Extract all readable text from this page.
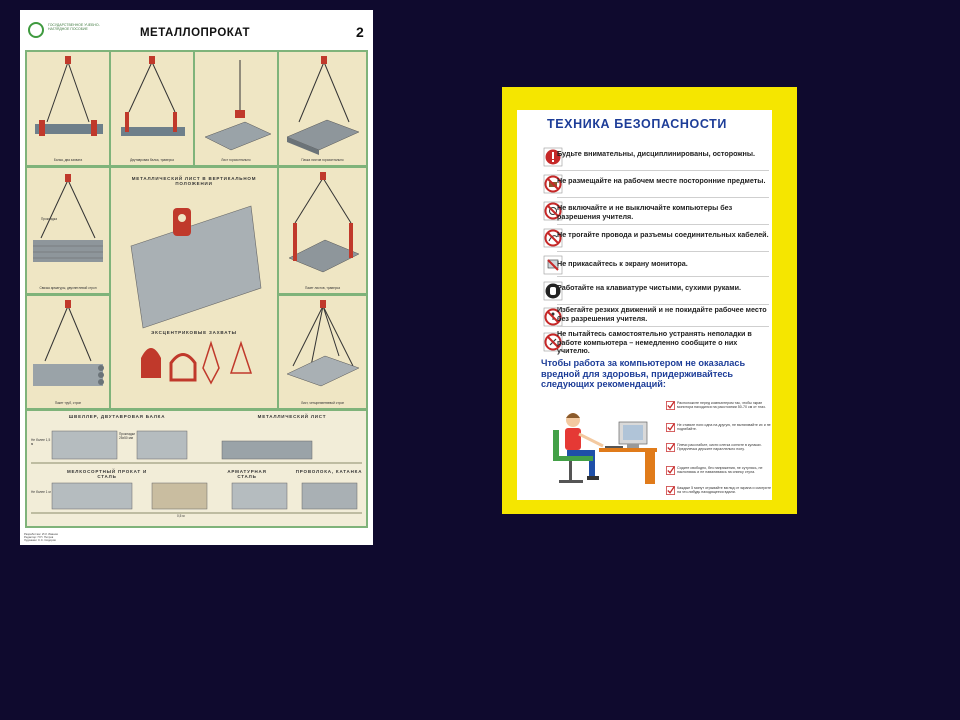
ГОСУДАРСТВЕННОЕ УЧЕБНО-НАГЛЯДНОЕ ПОСОБИЕ	МЕТАЛЛОПРОКАТ	2
Балка, два захвата	Двутавровая балка, траверса	Лист горизонтально	Пачка листов горизонтально
Прокладка
Связка арматуры, двухпетлевой строп
Пакет труб, строп
МЕТАЛЛИЧЕСКИЙ ЛИСТ В ВЕРТИКАЛЬНОМ ПОЛОЖЕНИИ
ЭКСЦЕНТРИКОВЫЕ ЗАХВАТЫ
Пакет листов, траверса
Лист, четырехветвевой строп
ШВЕЛЛЕР, ДВУТАВРОВАЯ БАЛКА	МЕТАЛЛИЧЕСКИЙ ЛИСТ
Не более 1,5 м
Прокладки 25х50 мм
Не более 1 м
0,5 м
МЕЛКОСОРТНЫЙ ПРОКАТ И СТАЛЬ
АРМАТУРНАЯ СТАЛЬ
ПРОВОЛОКА, КАТАНКА
Разработчик: И.И. Иванов
Редактор: П.П. Петров
Художник: С.С. Сидоров
ТЕХНИКА БЕЗОПАСНОСТИ
Будьте внимательны, дисциплинированы, осторожны.
Не размещайте на рабочем месте посторонние предметы.
Не включайте и не выключайте компьютеры без разрешения учителя.
Не трогайте провода и разъемы соединительных кабелей.
Не прикасайтесь к экрану монитора.
Работайте на клавиатуре чистыми, сухими руками.
Избегайте резких движений и не покидайте рабочее место без разрешения учителя.
Не пытайтесь самостоятельно устранять неполадки в работе компьютера – немедленно сообщите о них учителю.
Чтобы работа за компьютером не оказалась вредной для здоровья, придерживайтесь следующих рекомендаций:
Расположите перед компьютером так, чтобы экран монитора находился на расстоянии 50-70 см от глаз.
Не ставьте ноги одна на другую, не вытягивайте их и не подгибайте.
Плечи расслабьте, кисти слегка согните в кулаках. Предплечья держите параллельно полу.
Сидите свободно, без напряжения, не сутулясь, не наклоняясь и не наваливаясь на спинку стула.
Каждые 5 минут отрывайте взгляд от экрана и смотрите на что-нибудь находящееся вдали.
